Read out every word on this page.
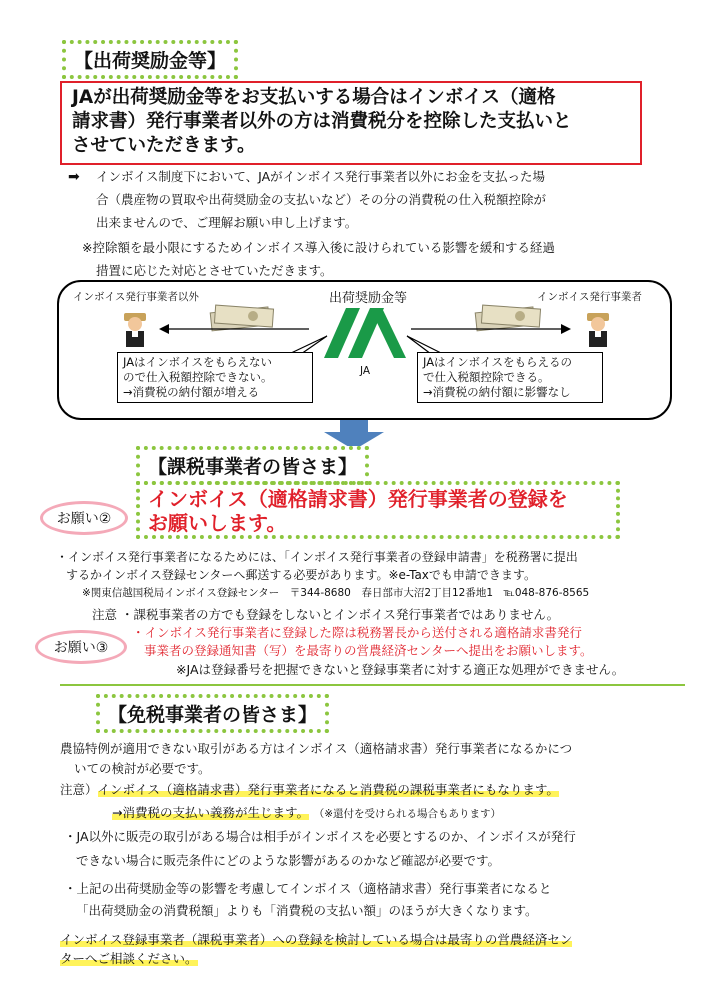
【出荷奨励金等】
JAが出荷奨励金等をお支払いする場合はインボイス（適格
請求書）発行事業者以外の方は消費税分を控除した支払いと
させていただきます。
➡ インボイス制度下において、JAがインボイス発行事業者以外にお金を支払った場
合（農産物の買取や出荷奨励金の支払いなど）その分の消費税の仕入税額控除が
出来ませんので、ご理解お願い申し上げます。
※控除額を最小限にするためインボイス導入後に設けられている影響を緩和する経過
措置に応じた対応とさせていただきます。
インボイス発行事業者以外	出荷奨励金等	インボイス発行事業者
JA
JAはインボイスをもらえない
ので仕入税額控除できない。
→消費税の納付額が増える
JAはインボイスをもらえるの
で仕入税額控除できる。
→消費税の納付額に影響なし
【課税事業者の皆さま】
お願い②
インボイス（適格請求書）発行事業者の登録を
お願いします。
・インボイス発行事業者になるためには、「インボイス発行事業者の登録申請書」を税務署に提出
するかインボイス登録センターへ郵送する必要があります。※e-Taxでも申請できます。
※関東信越国税局インボイス登録センター　〒344-8680　春日部市大沼2丁目12番地1　℡048-876-8565
注意 ・課税事業者の方でも登録をしないとインボイス発行事業者ではありません。
お願い③
・インボイス発行事業者に登録した際は税務署長から送付される適格請求書発行
事業者の登録通知書（写）を最寄りの営農経済センターへ提出をお願いします。
※JAは登録番号を把握できないと登録事業者に対する適正な処理ができません。
【免税事業者の皆さま】
農協特例が適用できない取引がある方はインボイス（適格請求書）発行事業者になるかにつ
いての検討が必要です。
注意）インボイス（適格請求書）発行事業者になると消費税の課税事業者にもなります。
→消費税の支払い義務が生じます。 （※還付を受けられる場合もあります）
・JA以外に販売の取引がある場合は相手がインボイスを必要とするのか、インボイスが発行
できない場合に販売条件にどのような影響があるのかなど確認が必要です。
・上記の出荷奨励金等の影響を考慮してインボイス（適格請求書）発行事業者になると
「出荷奨励金の消費税額」よりも「消費税の支払い額」のほうが大きくなります。
インボイス登録事業者（課税事業者）への登録を検討している場合は最寄りの営農経済セン
ターへご相談ください。
